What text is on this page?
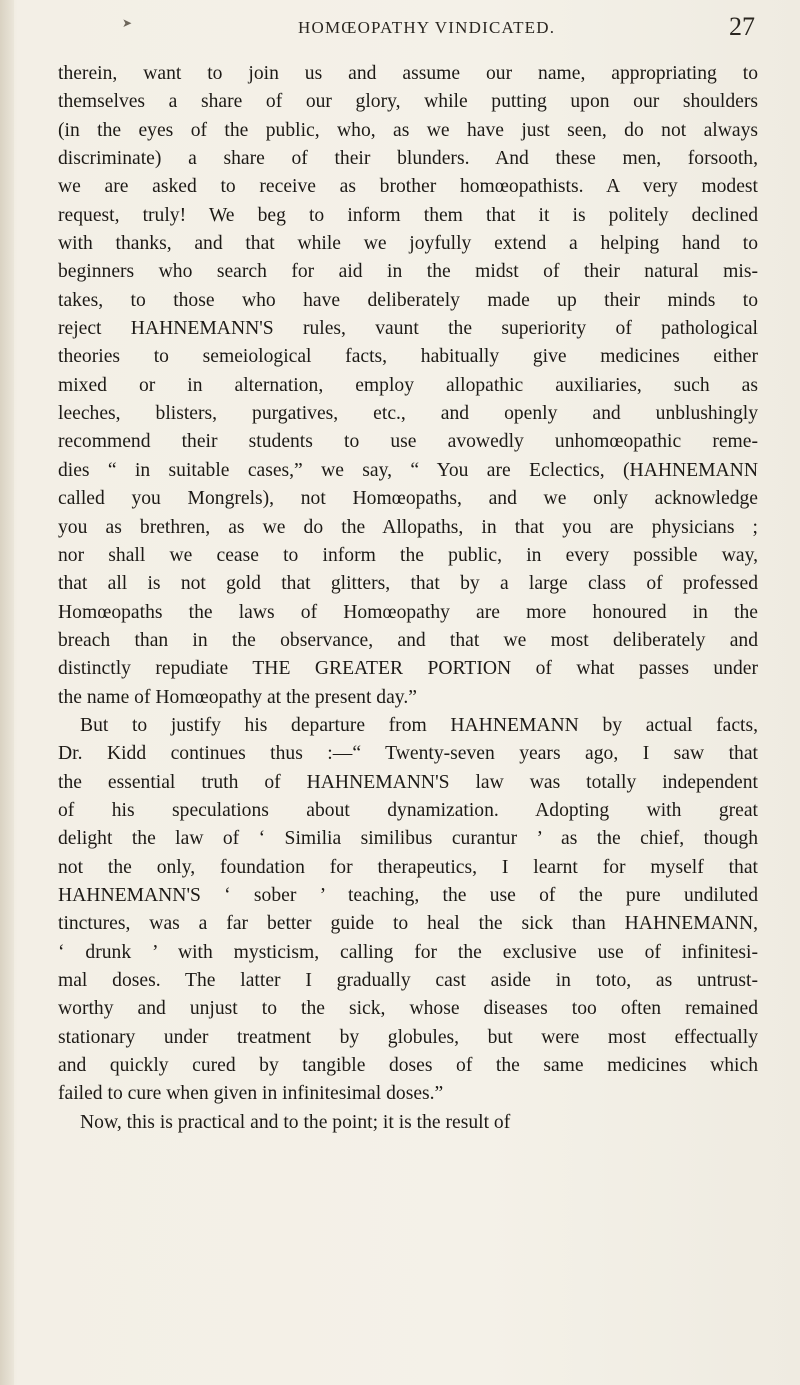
➤	HOMŒOPATHY VINDICATED.	27
therein, want to join us and assume our name, appropriating to
themselves a share of our glory, while putting upon our shoulders
(in the eyes of the public, who, as we have just seen, do not always
discriminate) a share of their blunders. And these men, forsooth,
we are asked to receive as brother homœopathists. A very modest
request, truly! We beg to inform them that it is politely declined
with thanks, and that while we joyfully extend a helping hand to
beginners who search for aid in the midst of their natural mis-
takes, to those who have deliberately made up their minds to
reject HAHNEMANN'S rules, vaunt the superiority of pathological
theories to semeiological facts, habitually give medicines either
mixed or in alternation, employ allopathic auxiliaries, such as
leeches, blisters, purgatives, etc., and openly and unblushingly
recommend their students to use avowedly unhomœopathic reme-
dies “ in suitable cases,” we say, “ You are Eclectics, (HAHNEMANN
called you Mongrels), not Homœopaths, and we only acknowledge
you as brethren, as we do the Allopaths, in that you are physicians ;
nor shall we cease to inform the public, in every possible way,
that all is not gold that glitters, that by a large class of professed
Homœopaths the laws of Homœopathy are more honoured in the
breach than in the observance, and that we most deliberately and
distinctly repudiate THE GREATER PORTION of what passes under
the name of Homœopathy at the present day.”
But to justify his departure from HAHNEMANN by actual facts,
Dr. Kidd continues thus :—“ Twenty-seven years ago, I saw that
the essential truth of HAHNEMANN'S law was totally independent
of his speculations about dynamization. Adopting with great
delight the law of ‘ Similia similibus curantur ’ as the chief, though
not the only, foundation for therapeutics, I learnt for myself that
HAHNEMANN'S ‘ sober ’ teaching, the use of the pure undiluted
tinctures, was a far better guide to heal the sick than HAHNEMANN,
‘ drunk ’ with mysticism, calling for the exclusive use of infinitesi-
mal doses. The latter I gradually cast aside in toto, as untrust-
worthy and unjust to the sick, whose diseases too often remained
stationary under treatment by globules, but were most effectually
and quickly cured by tangible doses of the same medicines which
failed to cure when given in infinitesimal doses.”
Now, this is practical and to the point; it is the result of
